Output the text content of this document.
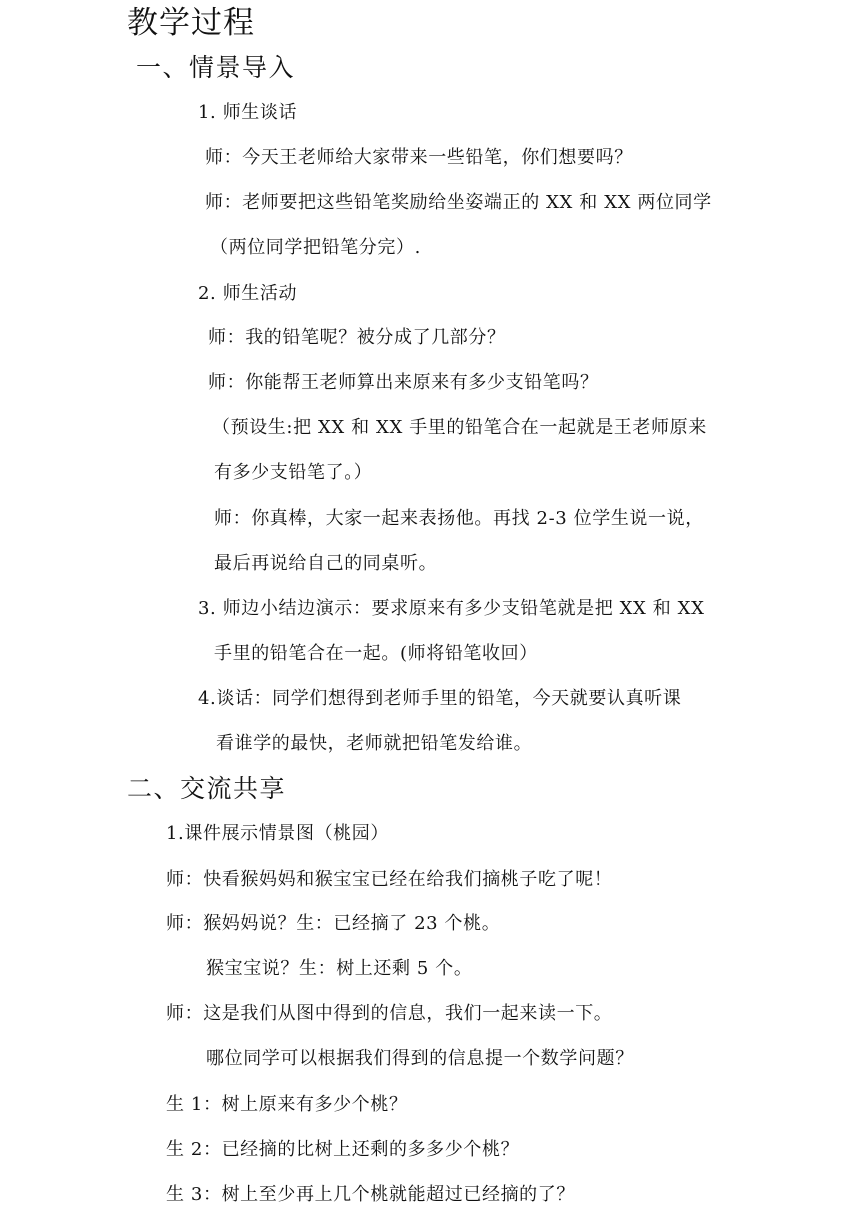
教学过程
一、情景导入
1. 师生谈话
师：今天王老师给大家带来一些铅笔，你们想要吗？
师：老师要把这些铅笔奖励给坐姿端正的 XX 和 XX 两位同学
（两位同学把铅笔分完）.
2. 师生活动
师：我的铅笔呢？被分成了几部分？
师：你能帮王老师算出来原来有多少支铅笔吗？
（预设生:把 XX 和 XX 手里的铅笔合在一起就是王老师原来
有多少支铅笔了。）
师：你真棒，大家一起来表扬他。再找 2-3 位学生说一说，
最后再说给自己的同桌听。
3. 师边小结边演示：要求原来有多少支铅笔就是把 XX 和 XX
手里的铅笔合在一起。(师将铅笔收回）
4.谈话：同学们想得到老师手里的铅笔，今天就要认真听课
看谁学的最快，老师就把铅笔发给谁。
二、交流共享
1.课件展示情景图（桃园）
师：快看猴妈妈和猴宝宝已经在给我们摘桃子吃了呢！
师：猴妈妈说？生：已经摘了 23 个桃。
猴宝宝说？生：树上还剩 5 个。
师：这是我们从图中得到的信息，我们一起来读一下。
哪位同学可以根据我们得到的信息提一个数学问题？
生 1：树上原来有多少个桃？
生 2：已经摘的比树上还剩的多多少个桃？
生 3：树上至少再上几个桃就能超过已经摘的了？
